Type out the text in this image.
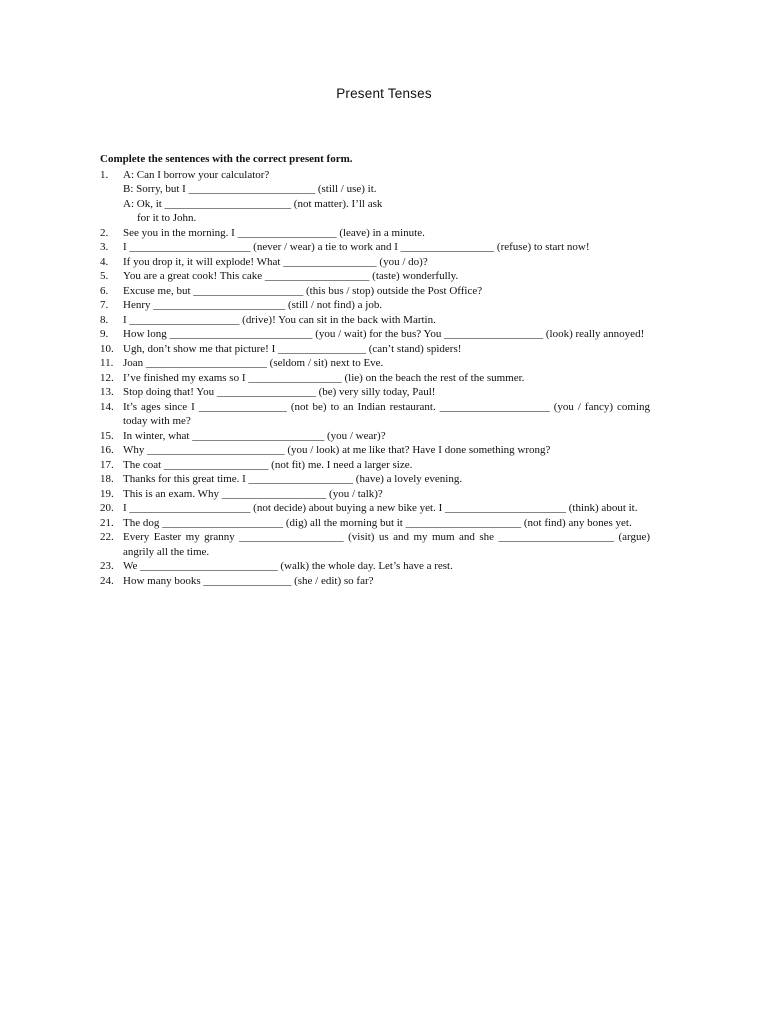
Present Tenses
Complete the sentences with the correct present form.
1.	A: Can I borrow your calculator?
B: Sorry, but I _______________________ (still / use) it.
A: Ok, it _______________________ (not matter). I’ll ask
for it to John.
2.	See you in the morning. I __________________ (leave) in a minute.
3.	I ______________________ (never / wear) a tie to work and I _________________ (refuse) to start now!
4.	If you drop it, it will explode! What _________________ (you / do)?
5.	You are a great cook! This cake ___________________ (taste) wonderfully.
6.	Excuse me, but ____________________ (this bus / stop) outside the Post Office?
7.	Henry ________________________ (still / not find) a job.
8.	I ____________________ (drive)! You can sit in the back with Martin.
9.	How long __________________________ (you / wait) for the bus? You __________________ (look) really annoyed!
10. Ugh, don’t show me that picture! I ________________ (can’t stand) spiders!
11. Joan ______________________ (seldom / sit) next to Eve.
12. I’ve finished my exams so I _________________ (lie) on the beach the rest of the summer.
13. Stop doing that! You __________________ (be) very silly today, Paul!
14. It’s ages since I ________________ (not be) to an Indian restaurant. ____________________ (you / fancy) coming today with me?
15. In winter, what ________________________ (you / wear)?
16. Why _________________________ (you / look) at me like that? Have I done something wrong?
17. The coat ___________________ (not fit) me. I need a larger size.
18. Thanks for this great time. I ___________________ (have) a lovely evening.
19. This is an exam. Why ___________________ (you / talk)?
20. I ______________________ (not decide) about buying a new bike yet. I ______________________ (think) about it.
21. The dog ______________________ (dig) all the morning but it _____________________ (not find) any bones yet.
22. Every Easter my granny ___________________ (visit) us and my mum and she _____________________ (argue) angrily all the time.
23. We _________________________ (walk) the whole day. Let’s have a rest.
24. How many books ________________ (she / edit) so far?
